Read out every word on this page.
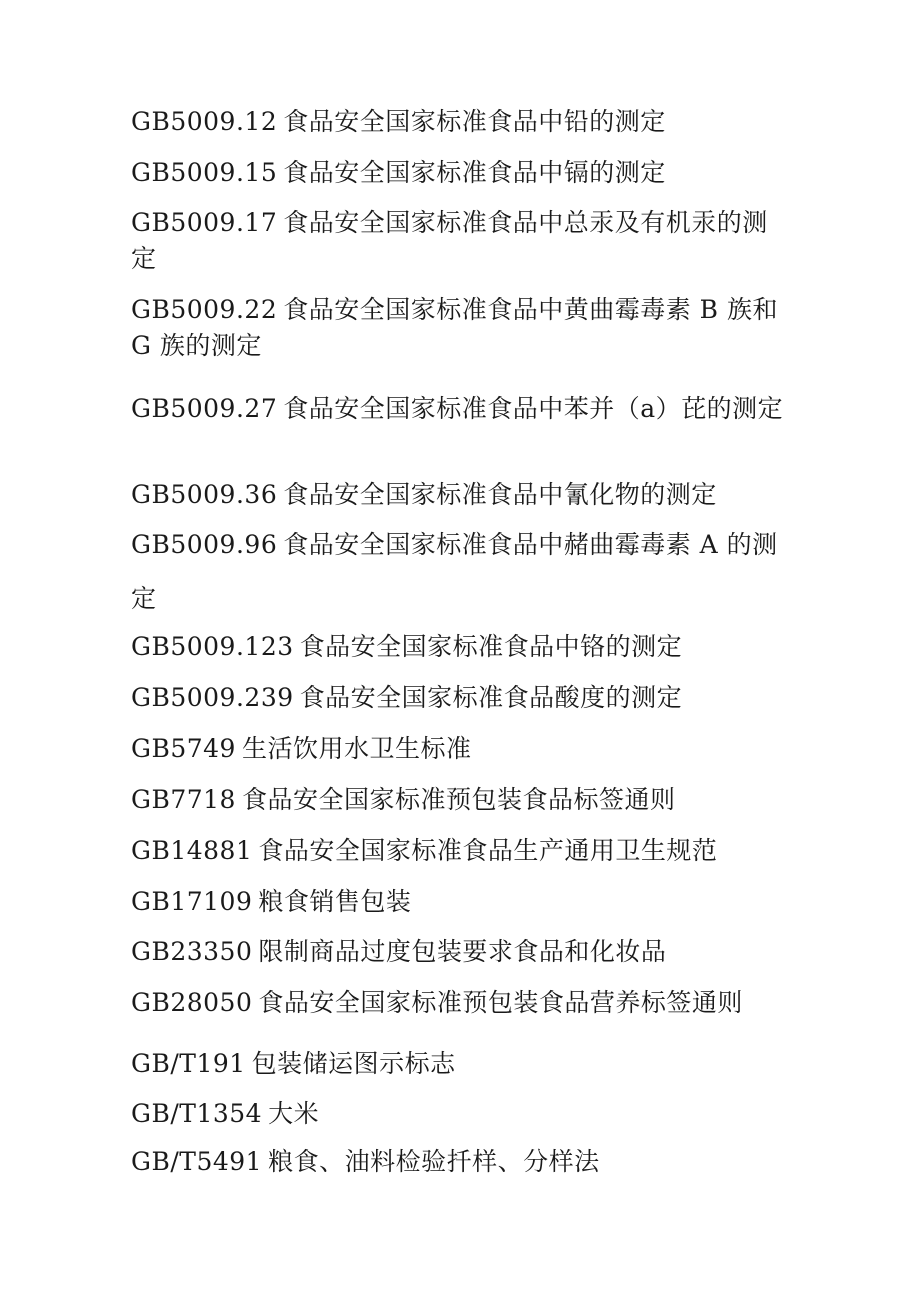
GB5009.12 食品安全国家标准食品中铅的测定
GB5009.15 食品安全国家标准食品中镉的测定
GB5009.17 食品安全国家标准食品中总汞及有机汞的测定
GB5009.22 食品安全国家标准食品中黄曲霉毒素 B 族和 G 族的测定
GB5009.27 食品安全国家标准食品中苯并（a）芘的测定
GB5009.36 食品安全国家标准食品中氰化物的测定
GB5009.96 食品安全国家标准食品中赭曲霉毒素 A 的测定
GB5009.123 食品安全国家标准食品中铬的测定
GB5009.239 食品安全国家标准食品酸度的测定
GB5749 生活饮用水卫生标准
GB7718 食品安全国家标准预包装食品标签通则
GB14881 食品安全国家标准食品生产通用卫生规范
GB17109 粮食销售包装
GB23350 限制商品过度包装要求食品和化妆品
GB28050 食品安全国家标准预包装食品营养标签通则
GB/T191 包装储运图示标志
GB/T1354 大米
GB/T5491 粮食、油料检验扦样、分样法
